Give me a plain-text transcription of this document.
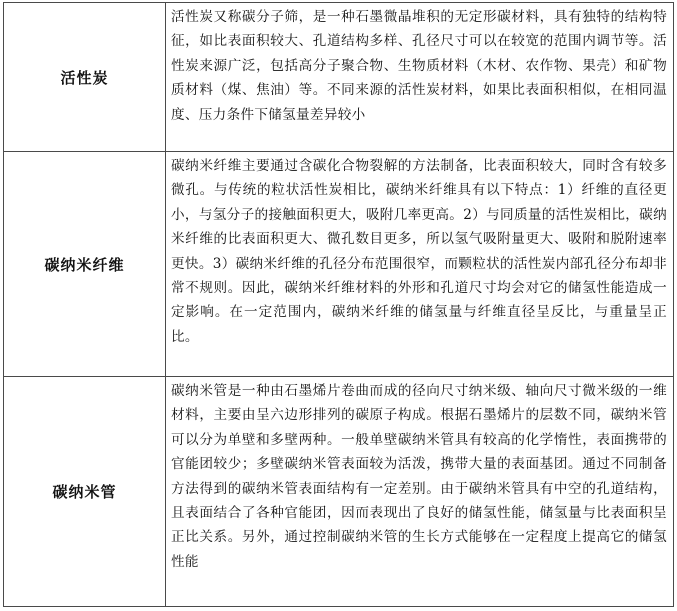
活性炭	活性炭又称碳分子筛，是一种石墨微晶堆积的无定形碳材料，具有独特的结构特征，如比表面积较大、孔道结构多样、孔径尺寸可以在较宽的范围内调节等。活性炭来源广泛，包括高分子聚合物、生物质材料（木材、农作物、果壳）和矿物质材料（煤、焦油）等。不同来源的活性炭材料，如果比表面积相似，在相同温度、压力条件下储氢量差异较小
碳纳米纤维	碳纳米纤维主要通过含碳化合物裂解的方法制备，比表面积较大，同时含有较多微孔。与传统的粒状活性炭相比，碳纳米纤维具有以下特点：1）纤维的直径更小，与氢分子的接触面积更大，吸附几率更高。2）与同质量的活性炭相比，碳纳米纤维的比表面积更大、微孔数目更多，所以氢气吸附量更大、吸附和脱附速率更快。3）碳纳米纤维的孔径分布范围很窄，而颗粒状的活性炭内部孔径分布却非常不规则。因此，碳纳米纤维材料的外形和孔道尺寸均会对它的储氢性能造成一定影响。在一定范围内，碳纳米纤维的储氢量与纤维直径呈反比，与重量呈正比。
碳纳米管	碳纳米管是一种由石墨烯片卷曲而成的径向尺寸纳米级、轴向尺寸微米级的一维材料，主要由呈六边形排列的碳原子构成。根据石墨烯片的层数不同，碳纳米管可以分为单壁和多壁两种。一般单壁碳纳米管具有较高的化学惰性，表面携带的官能团较少；多壁碳纳米管表面较为活泼，携带大量的表面基团。通过不同制备方法得到的碳纳米管表面结构有一定差别。由于碳纳米管具有中空的孔道结构，且表面结合了各种官能团，因而表现出了良好的储氢性能，储氢量与比表面积呈正比关系。另外，通过控制碳纳米管的生长方式能够在一定程度上提高它的储氢性能
